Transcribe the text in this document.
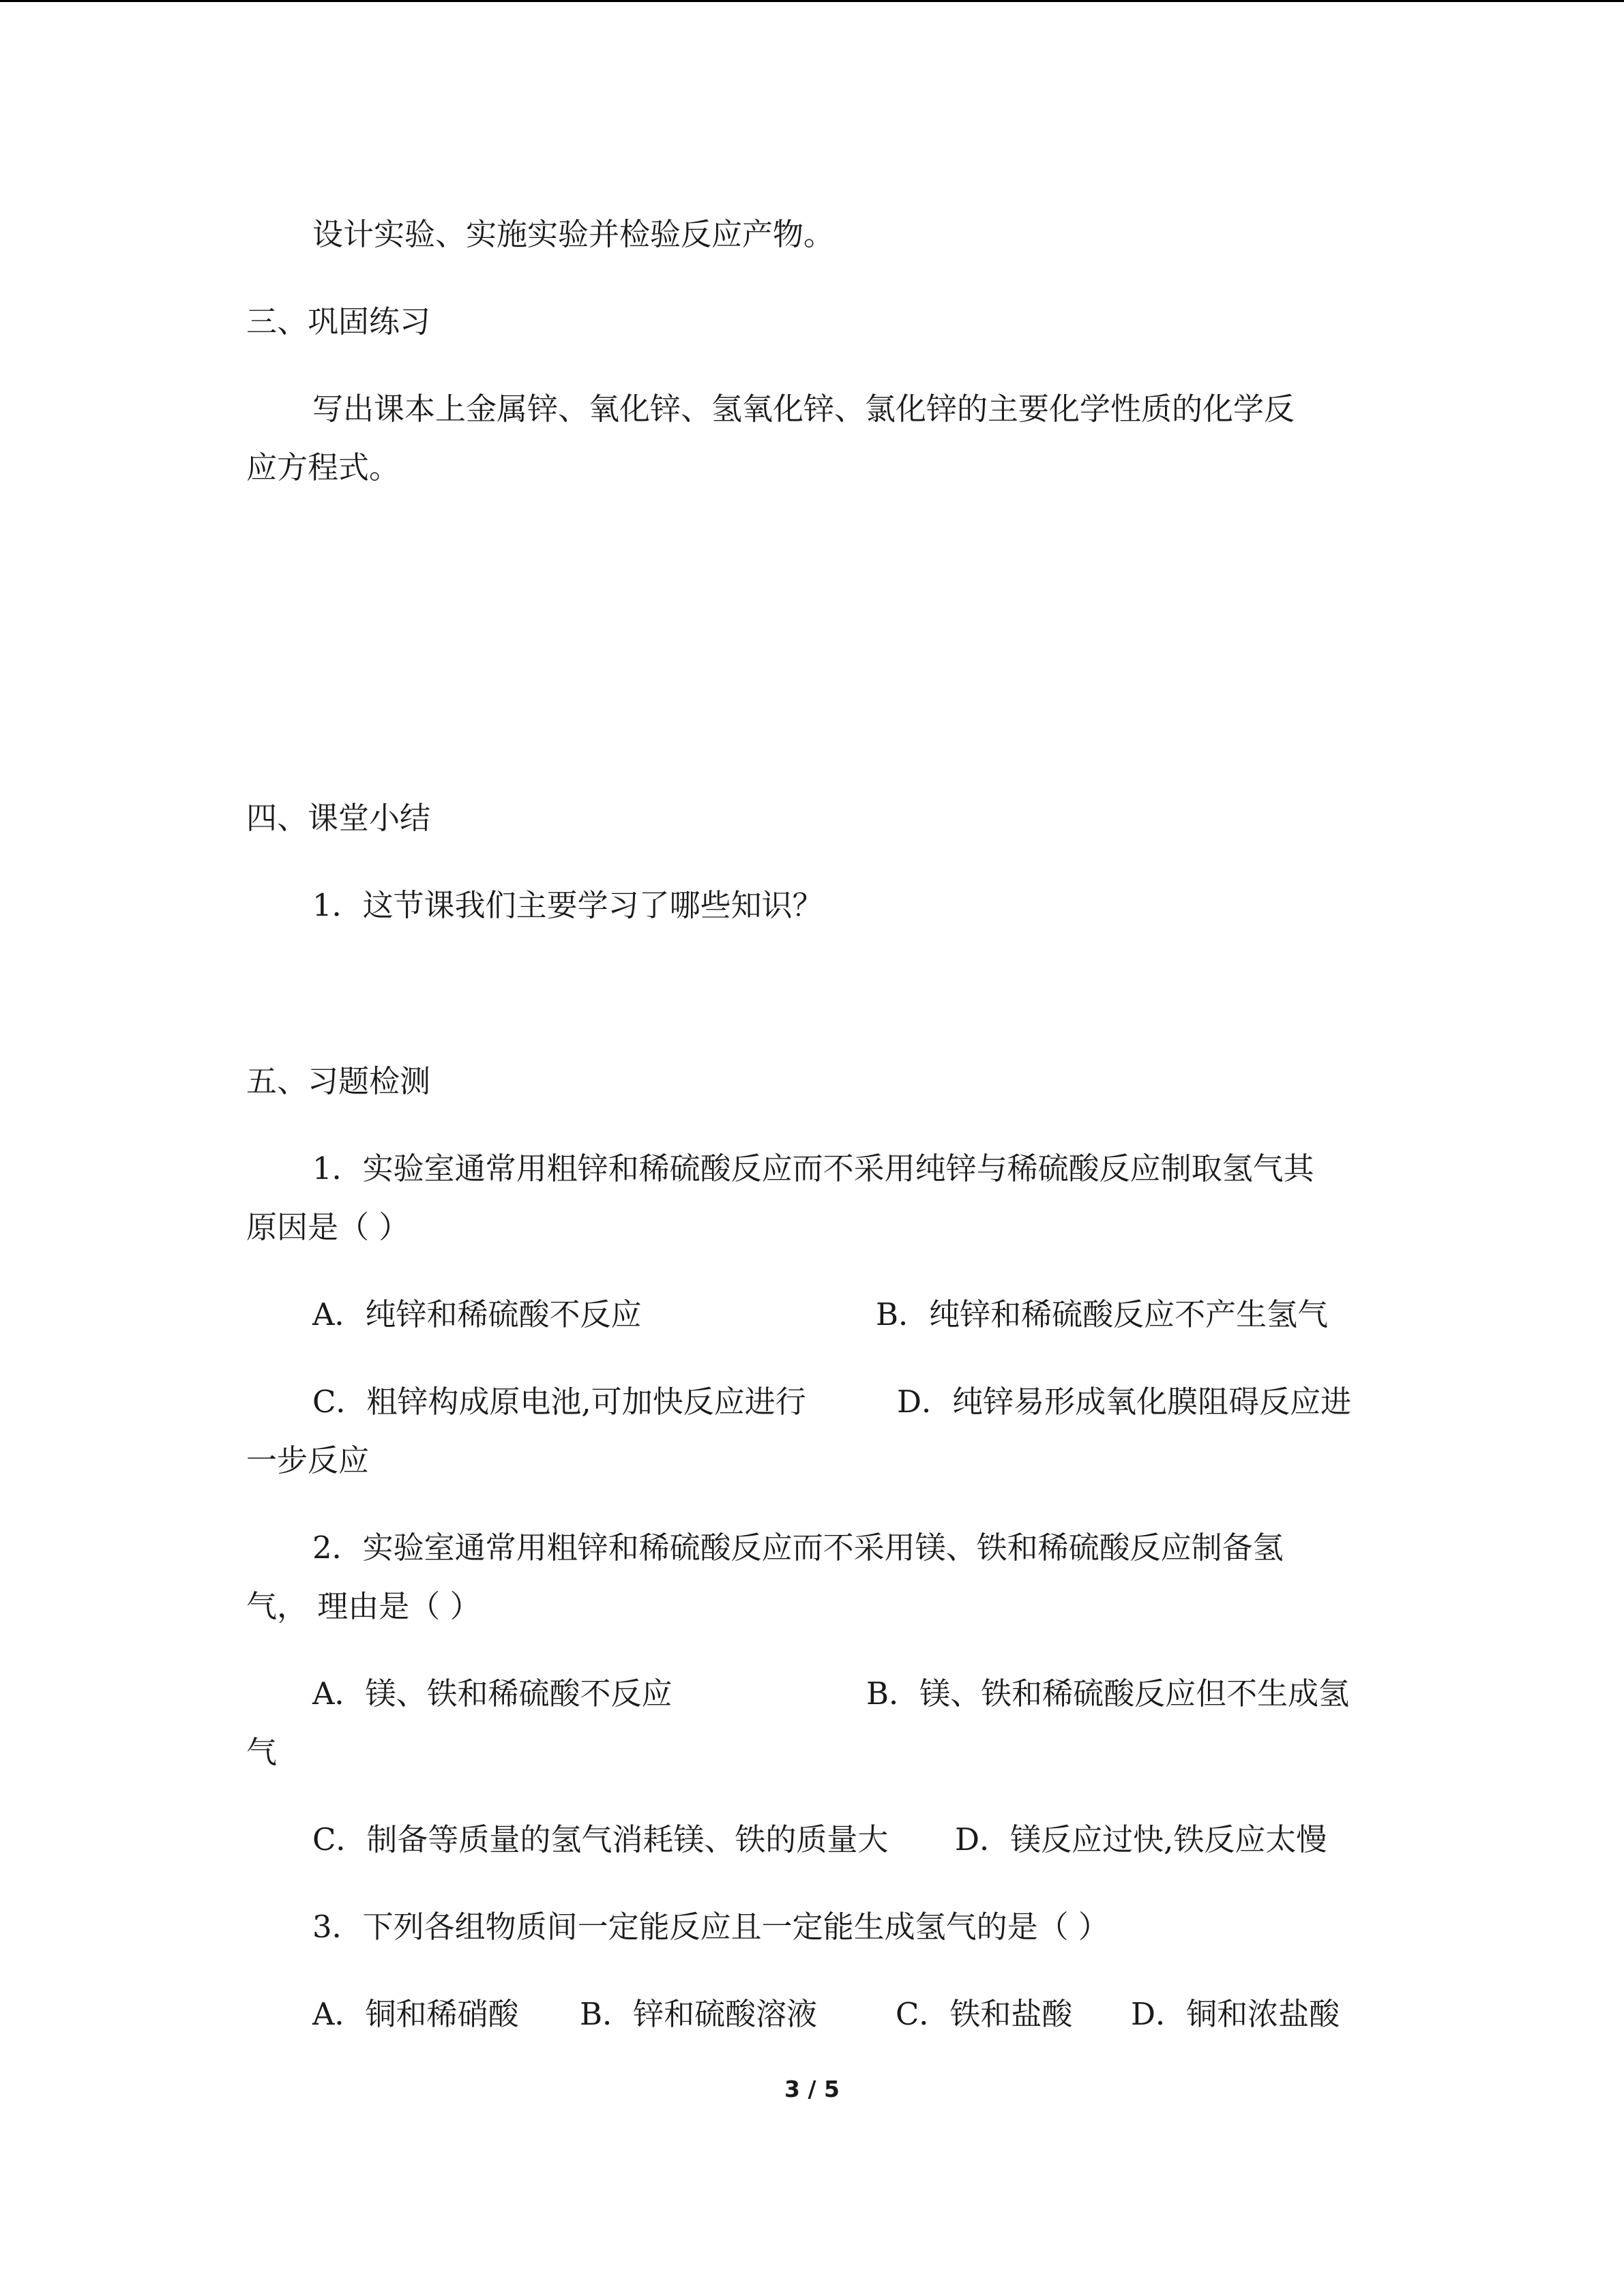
设计实验、实施实验并检验反应产物。

三、巩固练习

写出课本上金属锌、氧化锌、氢氧化锌、氯化锌的主要化学性质的化学反

应方程式。

四、课堂小结

1．这节课我们主要学习了哪些知识？

五、习题检测

1．实验室通常用粗锌和稀硫酸反应而不采用纯锌与稀硫酸反应制取氢气其

原因是（ ）

A．纯锌和稀硫酸不反应	B．纯锌和稀硫酸反应不产生氢气

C．粗锌构成原电池,可加快反应进行	D．纯锌易形成氧化膜阻碍反应进

一步反应

2．实验室通常用粗锌和稀硫酸反应而不采用镁、铁和稀硫酸反应制备氢

气， 理由是（ ）

A．镁、铁和稀硫酸不反应	B．镁、铁和稀硫酸反应但不生成氢

气

C．制备等质量的氢气消耗镁、铁的质量大 D．镁反应过快,铁反应太慢

3．下列各组物质间一定能反应且一定能生成氢气的是（ ）

A．铜和稀硝酸 B．锌和硫酸溶液	C．铁和盐酸 D．铜和浓盐酸

3 / 5
